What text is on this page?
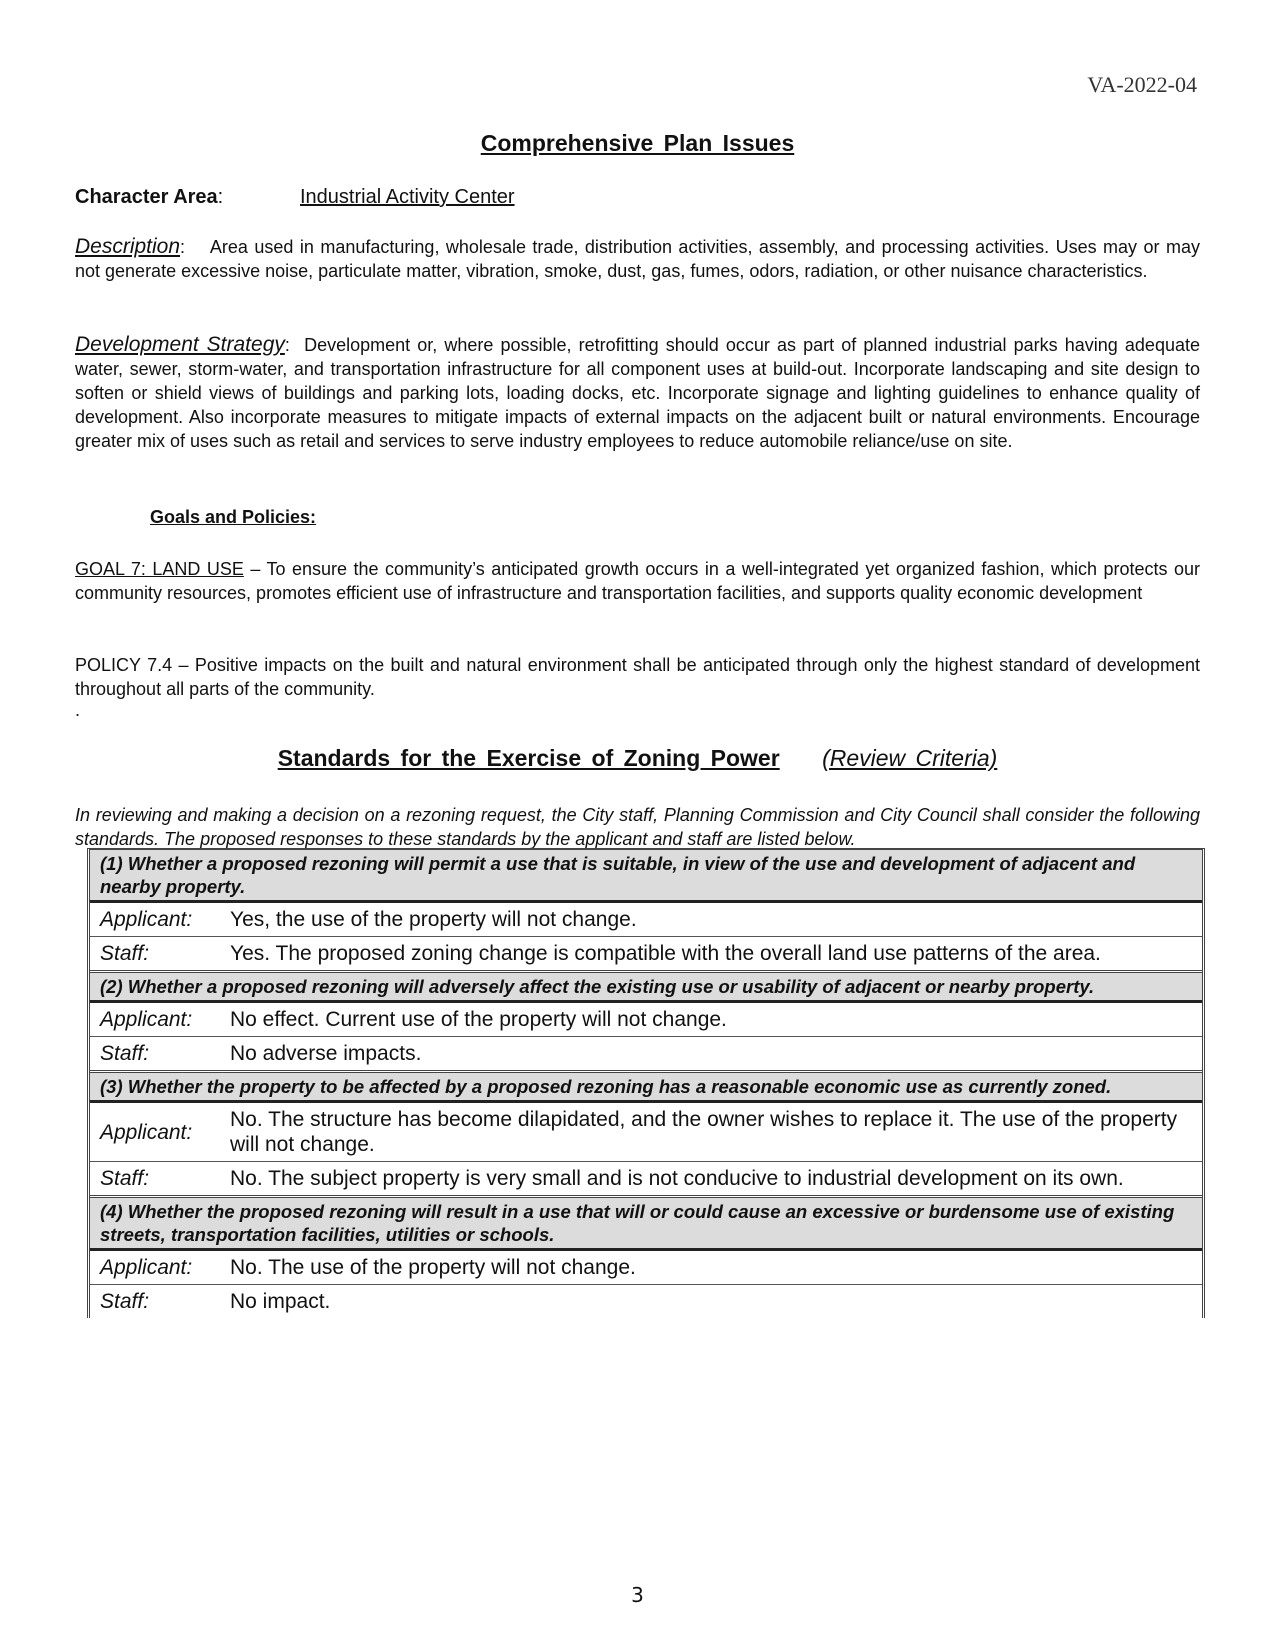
VA-2022-04
Comprehensive Plan Issues
Character Area:	Industrial Activity Center
Description:    Area used in manufacturing, wholesale trade, distribution activities, assembly, and processing activities. Uses may or may not generate excessive noise, particulate matter, vibration, smoke, dust, gas, fumes, odors, radiation, or other nuisance characteristics.
Development Strategy:  Development or, where possible, retrofitting should occur as part of planned industrial parks having adequate water, sewer, storm-water, and transportation infrastructure for all component uses at build-out. Incorporate landscaping and site design to soften or shield views of buildings and parking lots, loading docks, etc. Incorporate signage and lighting guidelines to enhance quality of development. Also incorporate measures to mitigate impacts of external impacts on the adjacent built or natural environments. Encourage greater mix of uses such as retail and services to serve industry employees to reduce automobile reliance/use on site.
Goals and Policies:
GOAL 7: LAND USE – To ensure the community’s anticipated growth occurs in a well-integrated yet organized fashion, which protects our community resources, promotes efficient use of infrastructure and transportation facilities, and supports quality economic development
POLICY 7.4 – Positive impacts on the built and natural environment shall be anticipated through only the highest standard of development throughout all parts of the community.
.
Standards for the Exercise of Zoning Power (Review Criteria)
In reviewing and making a decision on a rezoning request, the City staff, Planning Commission and City Council shall consider the following standards. The proposed responses to these standards by the applicant and staff are listed below.
(1) Whether a proposed rezoning will permit a use that is suitable, in view of the use and development of adjacent and nearby property.
Applicant:	Yes, the use of the property will not change.
Staff:	Yes. The proposed zoning change is compatible with the overall land use patterns of the area.
(2) Whether a proposed rezoning will adversely affect the existing use or usability of adjacent or nearby property.
Applicant:	No effect. Current use of the property will not change.
Staff:	No adverse impacts.
(3) Whether the property to be affected by a proposed rezoning has a reasonable economic use as currently zoned.
Applicant:
No. The structure has become dilapidated, and the owner wishes to replace it. The use of the property will not change.
Staff:	No. The subject property is very small and is not conducive to industrial development on its own.
(4) Whether the proposed rezoning will result in a use that will or could cause an excessive or burdensome use of existing streets, transportation facilities, utilities or schools.
Applicant:	No. The use of the property will not change.
Staff:	No impact.
3
